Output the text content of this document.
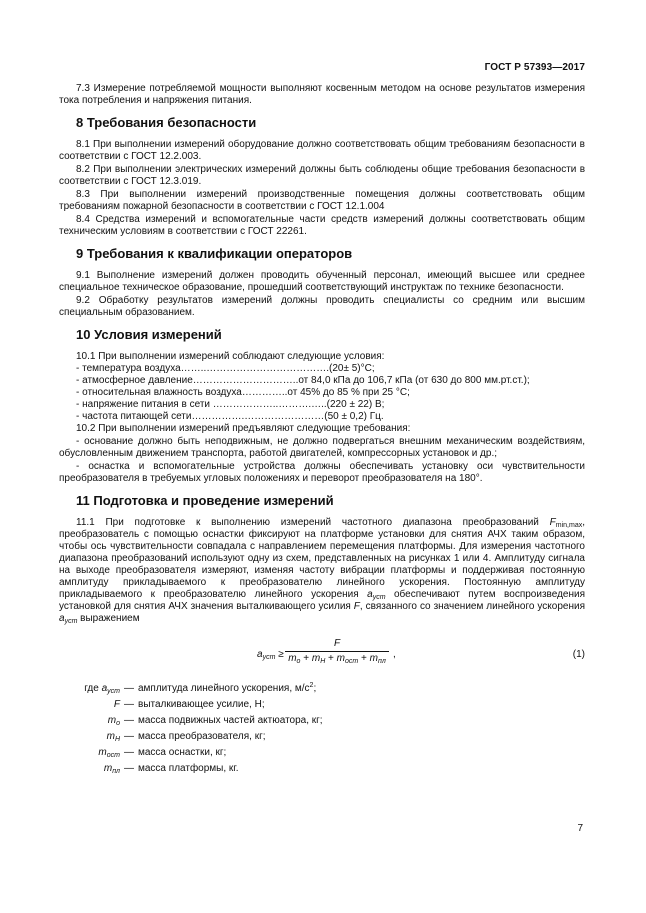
ГОСТ Р 57393—2017

7.3 Измерение потребляемой мощности выполняют косвенным методом на основе результатов измерения тока потребления и напряжения питания.

8 Требования безопасности

8.1 При выполнении измерений оборудование должно соответствовать общим требованиям безопасности в соответствии с ГОСТ 12.2.003.

8.2 При выполнении электрических измерений должны быть соблюдены общие требования безопасности в соответствии с ГОСТ 12.3.019.

8.3 При выполнении измерений производственные помещения должны соответствовать общим требованиям пожарной безопасности в соответствии с ГОСТ 12.1.004

8.4 Средства измерений и вспомогательные части средств измерений должны соответствовать общим техническим условиям в соответствии с ГОСТ 22261.

9 Требования к квалификации операторов

9.1 Выполнение измерений должен проводить обученный персонал, имеющий высшее или среднее специальное техническое образование, прошедший соответствующий инструктаж по технике безопасности.

9.2 Обработку результатов измерений должны проводить специалисты со средним или высшим специальным образованием.

10 Условия измерений

10.1 При выполнении измерений соблюдают следующие условия:

- температура воздуха……..……………………………….(20± 5)°С;
- атмосферное давление…………………………..от 84,0 кПа до 106,7 кПа (от 630 до 800 мм.рт.ст.);
- относительная влажность воздуха…………..от 45% до 85 % при 25 °С;
- напряжение питания в сети ………………..……….…..(220 ± 22) В;
- частота питающей сети…………….……………………(50 ± 0,2) Гц.

10.2 При выполнении измерений предъявляют следующие требования:

- основание должно быть неподвижным, не должно подвергаться внешним механическим воздействиям, обусловленным движением транспорта, работой двигателей, компрессорных установок и др.;

- оснастка и вспомогательные устройства должны обеспечивать установку оси чувствительности преобразователя в требуемых угловых положениях и переворот преобразователя на 180°.

11 Подготовка и проведение измерений

11.1 При подготовке к выполнению измерений частотного диапазона преобразований $F_{min,max}$, преобразователь с помощью оснастки фиксируют на платформе установки для снятия АЧХ таким образом, чтобы ось чувствительности совпадала с направлением перемещения платформы. Для измерения частотного диапазона преобразований используют одну из схем, представленных на рисунках 1 или 4. Амплитуду сигнала на выходе преобразователя измеряют, изменяя частоту вибрации платформы и поддерживая постоянную амплитуду прикладываемого к преобразователю линейного ускорения. Постоянную амплитуду прикладываемого к преобразователю линейного ускорения $a_{уст}$ обеспечивают путем воспроизведения установкой для снятия АЧХ значения выталкивающего усилия F, связанного со значением линейного ускорения $a_{уст}$ выражением

$a_{уст}$ ≥
F
$m_о + m_Н + m_{ост} + m_{пл}$
,	(1)
где $a_{уст}$ — амплитуда линейного ускорения, $м/с^2$;
F — выталкивающее усилие, Н;
$m_о$ — масса подвижных частей актюатора, кг;
$m_Н$ — масса преобразователя, кг;
$m_{ост}$ — масса оснастки, кг;
$m_{пл}$ — масса платформы, кг.
7
